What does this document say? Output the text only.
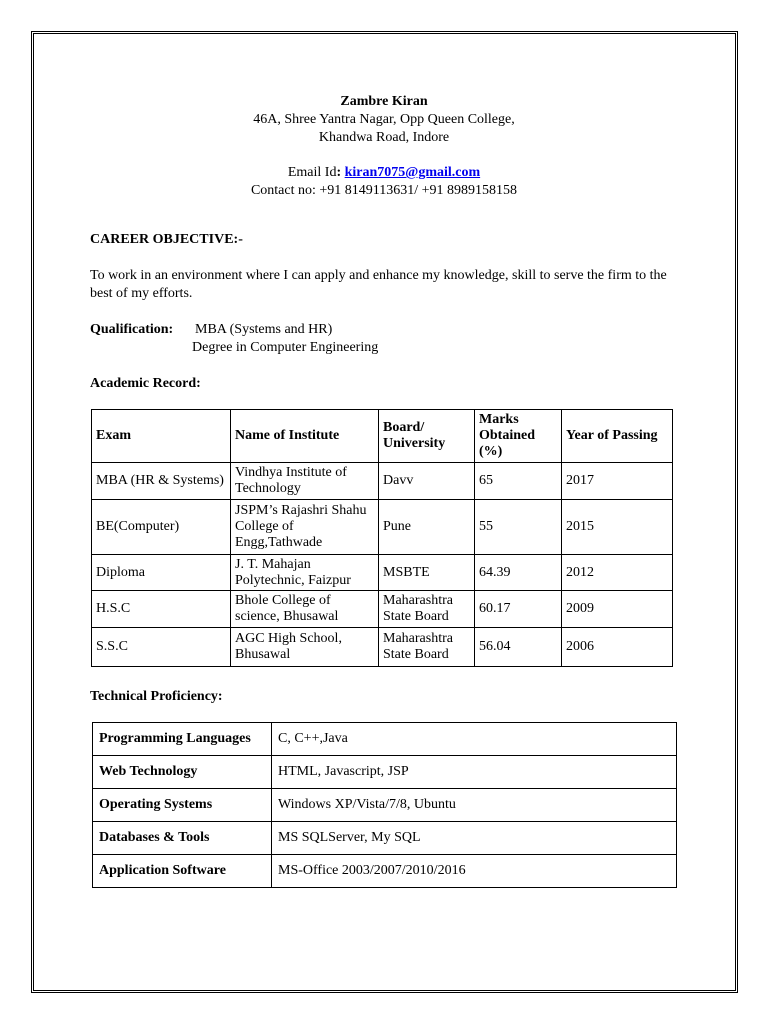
Zambre Kiran
46A, Shree Yantra Nagar, Opp Queen College,
Khandwa Road, Indore
Email Id: kiran7075@gmail.com
Contact no: +91 8149113631/ +91 8989158158
CAREER OBJECTIVE:-
To work in an environment where I can apply and enhance my knowledge, skill to serve the firm to the best of my efforts.
Qualification: MBA (Systems and HR)
Degree in Computer Engineering
Academic Record:
Exam	Name of Institute	Board/ University	Marks Obtained (%)	Year of Passing
MBA (HR & Systems)	Vindhya Institute of Technology	Davv	65	2017
BE(Computer)	JSPM’s Rajashri Shahu College of Engg,Tathwade	Pune	55	2015
Diploma	J. T. Mahajan Polytechnic, Faizpur	MSBTE	64.39	2012
H.S.C	Bhole College of science, Bhusawal	Maharashtra State Board	60.17	2009
S.S.C	AGC High School, Bhusawal	Maharashtra State Board	56.04	2006
Technical Proficiency:
Programming Languages	C, C++,Java
Web Technology	HTML, Javascript, JSP
Operating Systems	Windows XP/Vista/7/8, Ubuntu
Databases & Tools	MS SQLServer, My SQL
Application Software	MS-Office 2003/2007/2010/2016
